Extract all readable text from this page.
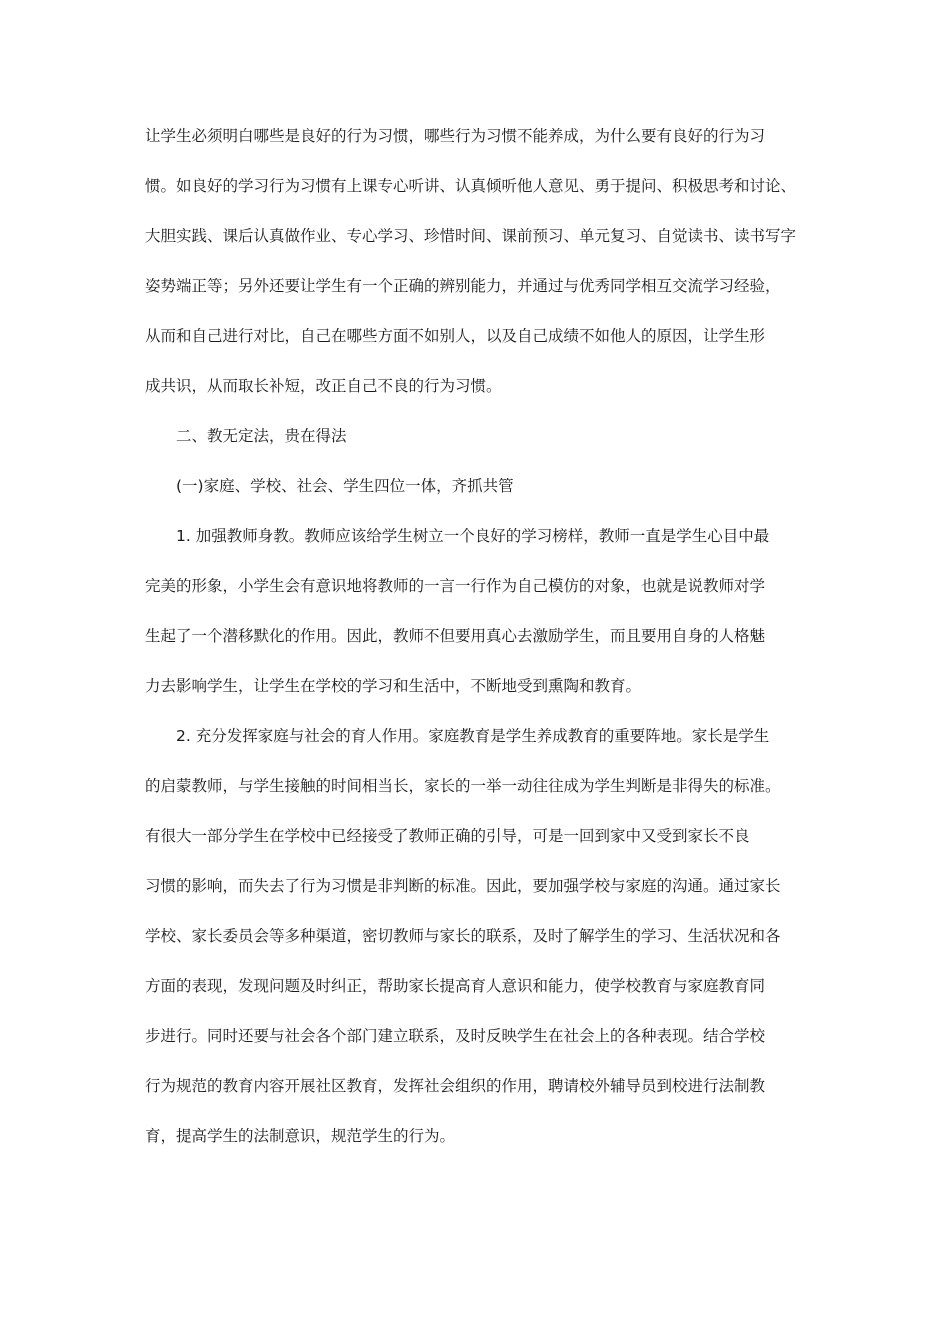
让学生必须明白哪些是良好的行为习惯，哪些行为习惯不能养成，为什么要有良好的行为习
惯。如良好的学习行为习惯有上课专心听讲、认真倾听他人意见、勇于提问、积极思考和讨论、
大胆实践、课后认真做作业、专心学习、珍惜时间、课前预习、单元复习、自觉读书、读书写字
姿势端正等；另外还要让学生有一个正确的辨别能力，并通过与优秀同学相互交流学习经验，
从而和自己进行对比，自己在哪些方面不如别人，以及自己成绩不如他人的原因，让学生形
成共识，从而取长补短，改正自己不良的行为习惯。
二、教无定法，贵在得法
(一)家庭、学校、社会、学生四位一体，齐抓共管
1. 加强教师身教。教师应该给学生树立一个良好的学习榜样，教师一直是学生心目中最
完美的形象，小学生会有意识地将教师的一言一行作为自己模仿的对象，也就是说教师对学
生起了一个潜移默化的作用。因此，教师不但要用真心去激励学生，而且要用自身的人格魅
力去影响学生，让学生在学校的学习和生活中，不断地受到熏陶和教育。
2. 充分发挥家庭与社会的育人作用。家庭教育是学生养成教育的重要阵地。家长是学生
的启蒙教师，与学生接触的时间相当长，家长的一举一动往往成为学生判断是非得失的标准。
有很大一部分学生在学校中已经接受了教师正确的引导，可是一回到家中又受到家长不良
习惯的影响，而失去了行为习惯是非判断的标准。因此，要加强学校与家庭的沟通。通过家长
学校、家长委员会等多种渠道，密切教师与家长的联系，及时了解学生的学习、生活状况和各
方面的表现，发现问题及时纠正，帮助家长提高育人意识和能力，使学校教育与家庭教育同
步进行。同时还要与社会各个部门建立联系，及时反映学生在社会上的各种表现。结合学校
行为规范的教育内容开展社区教育，发挥社会组织的作用，聘请校外辅导员到校进行法制教
育，提高学生的法制意识，规范学生的行为。
